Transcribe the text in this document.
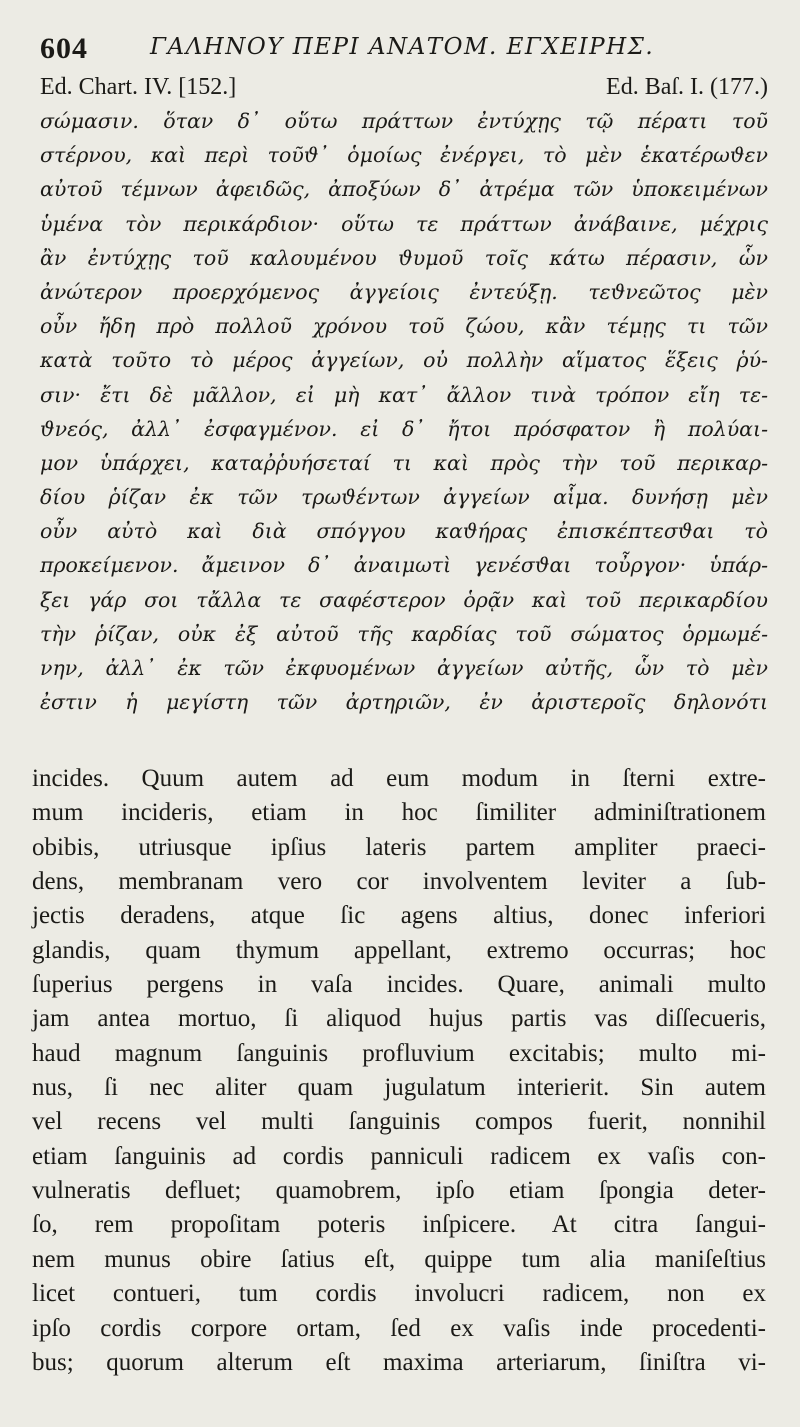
604	ΓΑΛΗΝΟΥ ΠΕΡΙ ΑΝΑΤΟΜ. ΕΓΧΕΙΡΗΣ.
Ed. Chart. IV. [152.]	Ed. Baſ. I. (177.)
σώμασιν. ὅταν δ᾽ οὕτω πράττων ἐντύχῃς τῷ πέρατι τοῦ
στέρνου, καὶ περὶ τοῦϑ᾽ ὁμοίως ἐνέργει, τὸ μὲν ἑκατέρωϑεν
αὐτοῦ τέμνων ἀφειδῶς, ἀποξύων δ᾽ ἀτρέμα τῶν ὑποκειμένων
ὑμένα τὸν περικάρδιον· οὕτω τε πράττων ἀνάβαινε, μέχρις
ἂν ἐντύχῃς τοῦ καλουμένου ϑυμοῦ τοῖς κάτω πέρασιν, ὧν
ἀνώτερον προερχόμενος ἀγγείοις ἐντεύξῃ. τεϑνεῶτος μὲν
οὖν ἤδη πρὸ πολλοῦ χρόνου τοῦ ζώου, κἂν τέμῃς τι τῶν
κατὰ τοῦτο τὸ μέρος ἀγγείων, οὐ πολλὴν αἵματος ἕξεις ῥύ-
σιν· ἔτι δὲ μᾶλλον, εἰ μὴ κατ᾽ ἄλλον τινὰ τρόπον εἴη τε-
ϑνεός, ἀλλ᾽ ἐσφαγμένον. εἰ δ᾽ ἤτοι πρόσφατον ἢ πολύαι-
μον ὑπάρχει, καταῤῥυήσεταί τι καὶ πρὸς τὴν τοῦ περικαρ-
δίου ῥίζαν ἐκ τῶν τρωϑέντων ἀγγείων αἷμα. δυνήσῃ μὲν
οὖν αὐτὸ καὶ διὰ σπόγγου καϑήρας ἐπισκέπτεσϑαι τὸ
προκείμενον. ἄμεινον δ᾽ ἀναιμωτὶ γενέσϑαι τοὖργον· ὑπάρ-
ξει γάρ σοι τἄλλα τε σαφέστερον ὁρᾷν καὶ τοῦ περικαρδίου
τὴν ῥίζαν, οὐκ ἐξ αὐτοῦ τῆς καρδίας τοῦ σώματος ὁρμωμέ-
νην, ἀλλ᾽ ἐκ τῶν ἐκφυομένων ἀγγείων αὐτῆς, ὧν τὸ μὲν
ἐστιν ἡ μεγίστη τῶν ἀρτηριῶν, ἐν ἀριστεροῖς δηλονότι
incides. Quum autem ad eum modum in ſterni extre-
mum incideris, etiam in hoc ſimiliter adminiſtrationem
obibis, utriusque ipſius lateris partem ampliter praeci-
dens, membranam vero cor involventem leviter a ſub-
jectis deradens, atque ſic agens altius, donec inferiori
glandis, quam thymum appellant, extremo occurras; hoc
ſuperius pergens in vaſa incides. Quare, animali multo
jam antea mortuo, ſi aliquod hujus partis vas diſſecueris,
haud magnum ſanguinis profluvium excitabis; multo mi-
nus, ſi nec aliter quam jugulatum interierit. Sin autem
vel recens vel multi ſanguinis compos fuerit, nonnihil
etiam ſanguinis ad cordis panniculi radicem ex vaſis con-
vulneratis defluet; quamobrem, ipſo etiam ſpongia deter-
ſo, rem propoſitam poteris inſpicere. At citra ſangui-
nem munus obire ſatius eſt, quippe tum alia maniſeſtius
licet contueri, tum cordis involucri radicem, non ex
ipſo cordis corpore ortam, ſed ex vaſis inde procedenti-
bus; quorum alterum eſt maxima arteriarum, ſiniſtra vi-
